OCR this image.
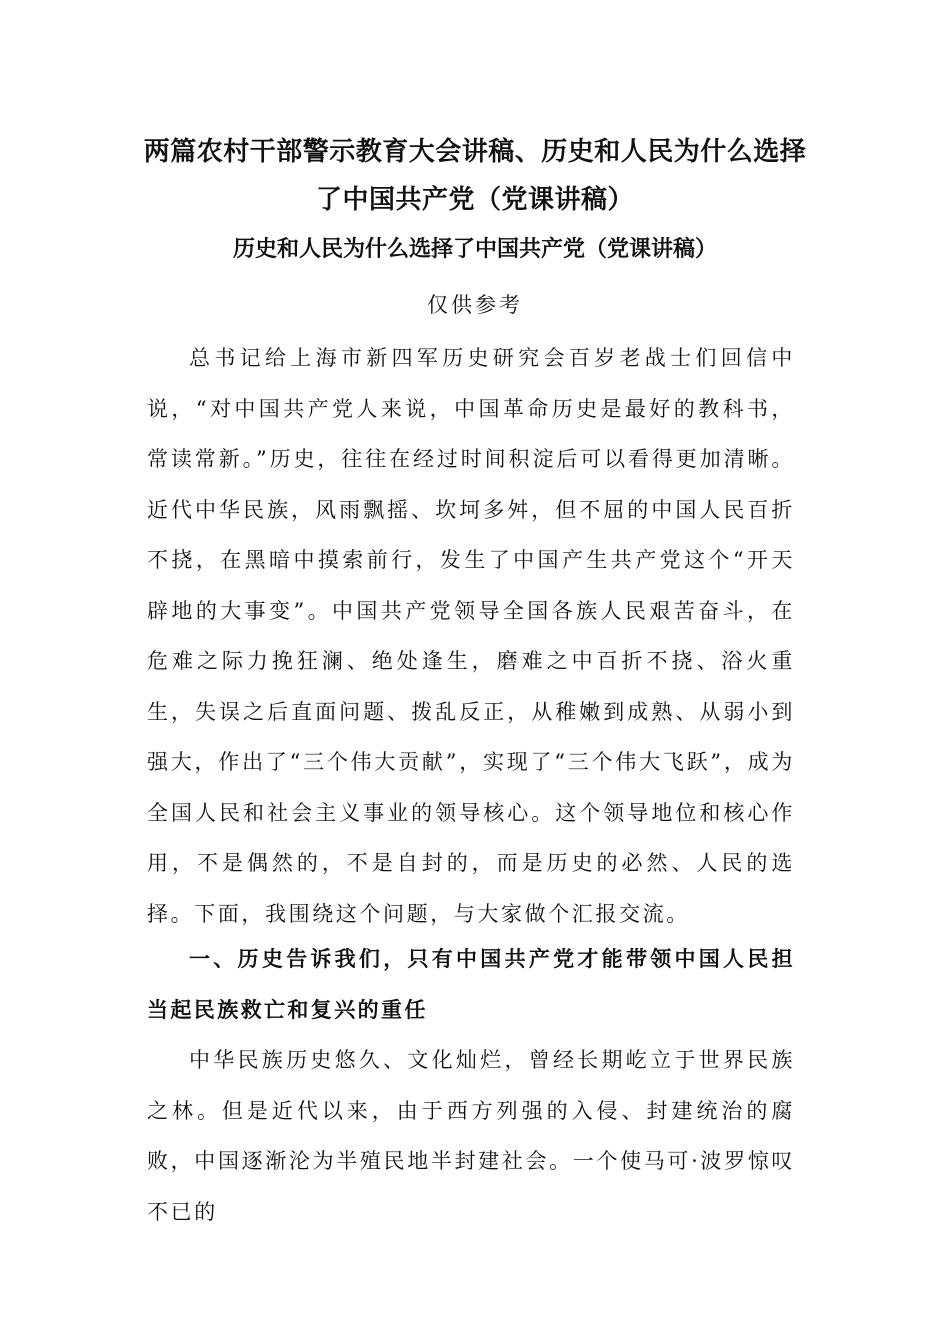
两篇农村干部警示教育大会讲稿、历史和人民为什么选择了中国共产党（党课讲稿）
历史和人民为什么选择了中国共产党（党课讲稿）
仅供参考

总书记给上海市新四军历史研究会百岁老战士们回信中说，“对中国共产党人来说，中国革命历史是最好的教科书，常读常新。”历史，往往在经过时间积淀后可以看得更加清晰。近代中华民族，风雨飘摇、坎坷多舛，但不屈的中国人民百折不挠，在黑暗中摸索前行，发生了中国产生共产党这个“开天辟地的大事变”。中国共产党领导全国各族人民艰苦奋斗，在危难之际力挽狂澜、绝处逢生，磨难之中百折不挠、浴火重生，失误之后直面问题、拨乱反正，从稚嫩到成熟、从弱小到强大，作出了“三个伟大贡献”，实现了“三个伟大飞跃”，成为全国人民和社会主义事业的领导核心。这个领导地位和核心作用，不是偶然的，不是自封的，而是历史的必然、人民的选择。下面，我围绕这个问题，与大家做个汇报交流。

一、历史告诉我们，只有中国共产党才能带领中国人民担当起民族救亡和复兴的重任

中华民族历史悠久、文化灿烂，曾经长期屹立于世界民族之林。但是近代以来，由于西方列强的入侵、封建统治的腐败，中国逐渐沦为半殖民地半封建社会。一个使马可·波罗惊叹不已的
